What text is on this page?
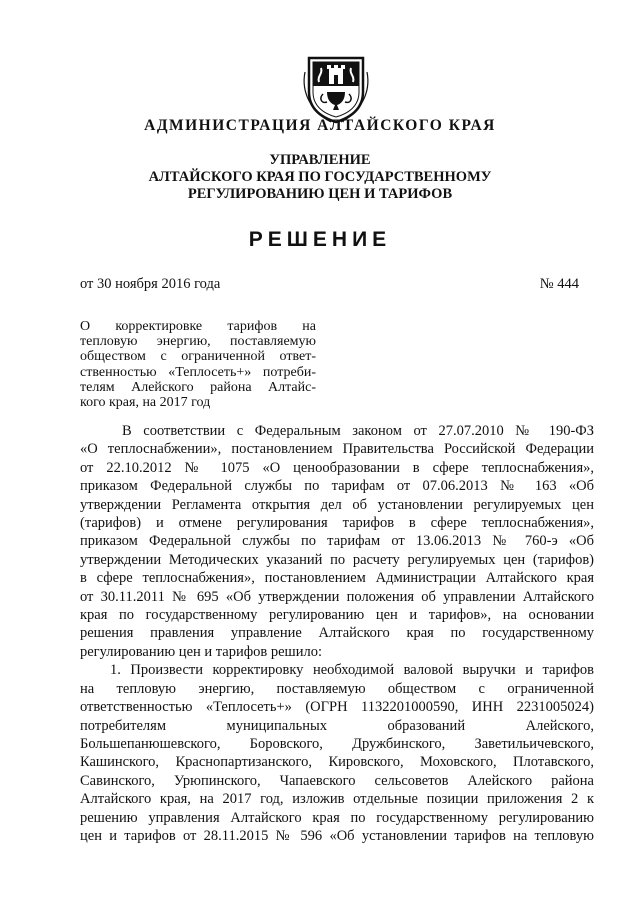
АДМИНИСТРАЦИЯ АЛТАЙСКОГО КРАЯ
УПРАВЛЕНИЕ
АЛТАЙСКОГО КРАЯ ПО ГОСУДАРСТВЕННОМУ
РЕГУЛИРОВАНИЮ ЦЕН И ТАРИФОВ
РЕШЕНИЕ
от 30 ноября 2016 года	№ 444
О корректировке тарифов на
тепловую энергию, поставляемую
обществом с ограниченной ответ-
ственностью «Теплосеть+» потреби-
телям Алейского района Алтайс-
кого края, на 2017 год
В соответствии с Федеральным законом от 27.07.2010 № 190-ФЗ
«О теплоснабжении», постановлением Правительства Российской Федерации
от 22.10.2012 № 1075 «О ценообразовании в сфере теплоснабжения»,
приказом Федеральной службы по тарифам от 07.06.2013 № 163 «Об
утверждении Регламента открытия дел об установлении регулируемых цен
(тарифов) и отмене регулирования тарифов в сфере теплоснабжения»,
приказом Федеральной службы по тарифам от 13.06.2013 № 760-э «Об
утверждении Методических указаний по расчету регулируемых цен (тарифов)
в сфере теплоснабжения», постановлением Администрации Алтайского края
от 30.11.2011 № 695 «Об утверждении положения об управлении Алтайского
края по государственному регулированию цен и тарифов», на основании
решения правления управление Алтайского края по государственному
регулированию цен и тарифов решило:
1. Произвести корректировку необходимой валовой выручки и тарифов
на тепловую энергию, поставляемую обществом с ограниченной
ответственностью «Теплосеть+» (ОГРН 1132201000590, ИНН 2231005024)
потребителям муниципальных образований Алейского,
Большепанюшевского, Боровского, Дружбинского, Заветильичевского,
Кашинского, Краснопартизанского, Кировского, Моховского, Плотавского,
Савинского, Урюпинского, Чапаевского сельсоветов Алейского района
Алтайского края, на 2017 год, изложив отдельные позиции приложения 2 к
решению управления Алтайского края по государственному регулированию
цен и тарифов от 28.11.2015 № 596 «Об установлении тарифов на тепловую
